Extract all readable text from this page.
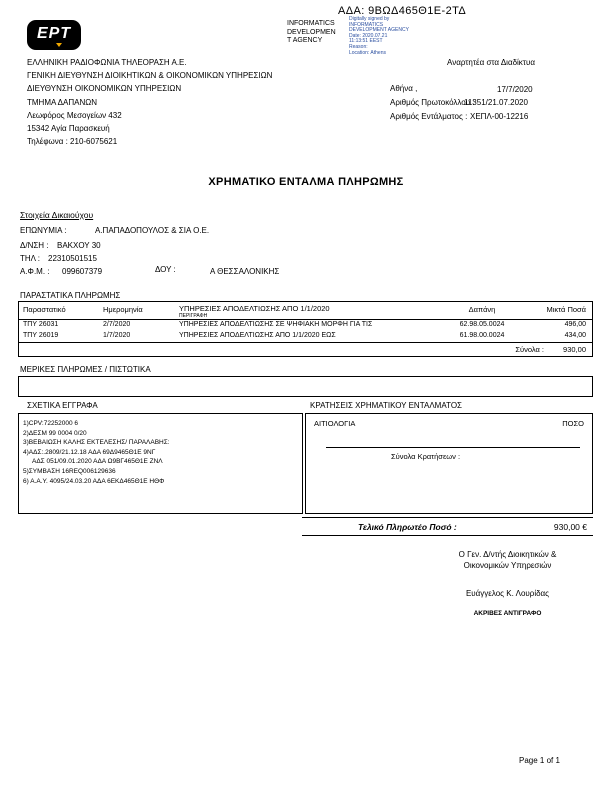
ΑΔΑ: 9ΒΩΔ465Θ1Ε-2ΤΔ
ΕΡΤ
INFORMATICS
DEVELOPMEN
T AGENCY
Digitally signed by
INFORMATICS
DEVELOPMENT AGENCY
Date: 2020.07.21
11:13:51 EEST
Reason:
Location: Athens
ΕΛΛΗΝΙΚΗ ΡΑΔΙΟΦΩΝΙΑ ΤΗΛΕΟΡΑΣΗ Α.Ε.
ΓΕΝΙΚΗ ΔΙΕΥΘΥΝΣΗ ΔΙΟΙΚΗΤΙΚΩΝ & ΟΙΚΟΝΟΜΙΚΩΝ ΥΠΗΡΕΣΙΩΝ
ΔΙΕΥΘΥΝΣΗ ΟΙΚΟΝΟΜΙΚΩΝ ΥΠΗΡΕΣΙΩΝ
ΤΜΗΜΑ ΔΑΠΑΝΩΝ
Λεωφόρος Μεσογείων 432
15342 Αγία Παρασκευή
Τηλέφωνα : 210-6075621
Αναρτητέα στα Διαδίκτυα
Αθήνα ,	17/7/2020
Αριθμός Πρωτοκόλλου :
11351/21.07.2020
Αριθμός Εντάλματος : ΧΕΠΛ-00-12216
ΧΡΗΜΑΤΙΚΟ ΕΝΤΑΛΜΑ ΠΛΗΡΩΜΗΣ
Στοιχεία Δικαιούχου
ΕΠΩΝΥΜΙΑ :	Α.ΠΑΠΑΔΟΠΟΥΛΟΣ & ΣΙΑ Ο.Ε.
Δ/ΝΣΗ : ΒΑΚΧΟΥ 30
ΤΗΛ : 22310501515
Α.Φ.Μ. : 099607379	ΔΟΥ :	Α ΘΕΣΣΑΛΟΝΙΚΗΣ
ΠΑΡΑΣΤΑΤΙΚΑ ΠΛΗΡΩΜΗΣ
Παραστατικό	Ημερομηνία	ΥΠΗΡΕΣΙΕΣ ΑΠΟΔΕΛΤΙΩΣΗΣ ΑΠΟ 1/1/2020
ΠΕΡΙΓΡΑΦΗ
Δαπάνη	Μικτά Ποσά
ΤΠΥ 26031	2/7/2020	ΥΠΗΡΕΣΙΕΣ ΑΠΟΔΕΛΤΙΩΣΗΣ ΣΕ ΨΗΦΙΑΚΗ ΜΟΡΦΗ ΓΙΑ ΤΙΣ	62.98.05.0024	496,00
ΤΠΥ 26019	1/7/2020	ΥΠΗΡΕΣΙΕΣ ΑΠΟΔΕΛΤΙΩΣΗΣ ΑΠΟ 1/1/2020 ΕΩΣ	61.98.00.0024	434,00
Σύνολα :	930,00
ΜΕΡΙΚΕΣ ΠΛΗΡΩΜΕΣ / ΠΙΣΤΩΤΙΚΑ
ΣΧΕΤΙΚΑ ΕΓΓΡΑΦΑ
1)CPV:72252000 6
2)ΔΕΣΜ 99 0004 0/20
3)ΒΕΒΑΙΩΣΗ ΚΑΛΗΣ ΕΚΤΕΛΕΣΗΣ/ ΠΑΡΑΛΑΒΗΣ:
4)ΑΔΣ:.2809/21.12.18 ΑΔΑ 69Δ9465Θ1Ε 9ΝΓ
ΑΔΣ 051/09.01.2020 ΑΔΑ Ω9ΒΓ465Θ1Ε ΖΝΛ
5)ΣΥΜΒΑΣΗ 16REQ006129636
6) Α.Α.Υ. 4095/24.03.20 ΑΔΑ 6ΕΚΔ465Θ1Ε ΗΘΦ
ΚΡΑΤΗΣΕΙΣ ΧΡΗΜΑΤΙΚΟΥ ΕΝΤΑΛΜΑΤΟΣ
ΑΙΤΙΟΛΟΓΙΑ	ΠΟΣΟ
Σύνολα Κρατήσεων :
Τελικό Πληρωτέο Ποσό :	930,00 €
Ο Γεν. Δ/ντής Διοικητικών &
Οικονομικών Υπηρεσιών
Ευάγγελος Κ. Λουρίδας
ΑΚΡΙΒΕΣ ΑΝΤΙΓΡΑΦΟ
Page 1 of 1
